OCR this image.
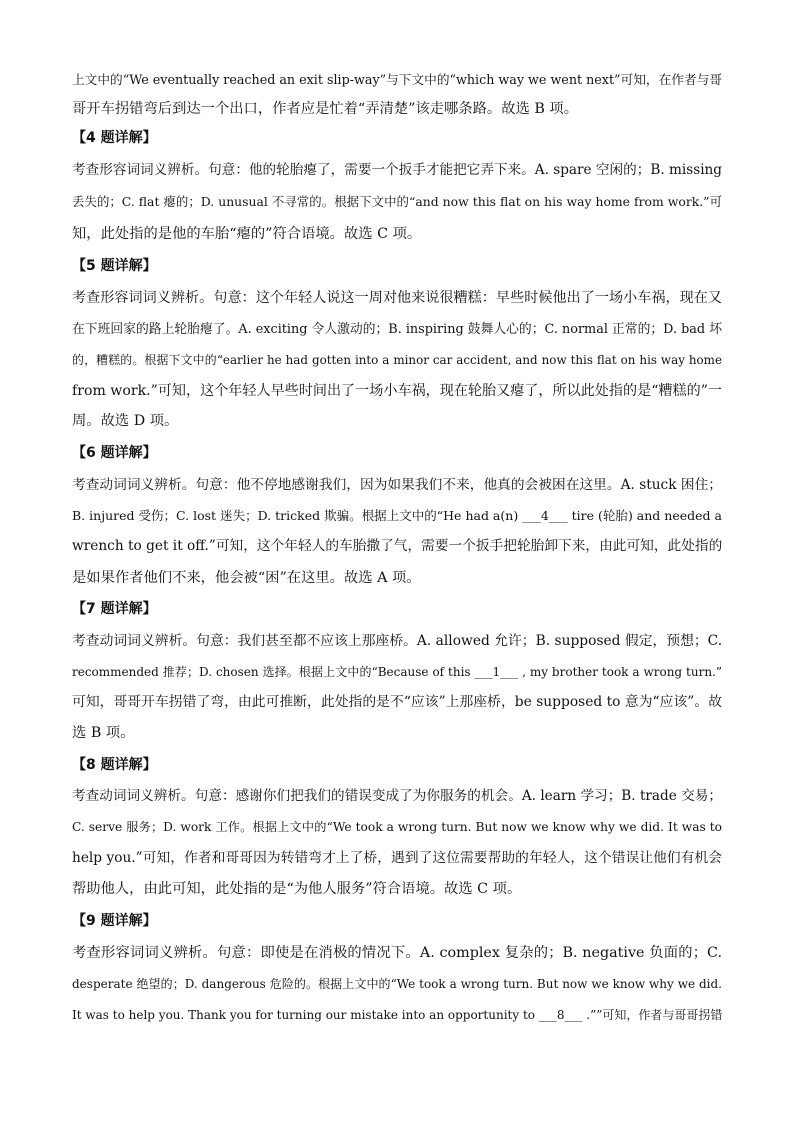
上文中的“We eventually reached an exit slip-way”与下文中的“which way we went next”可知，在作者与哥
哥开车拐错弯后到达一个出口，作者应是忙着“弄清楚”该走哪条路。故选 B 项。
【4 题详解】
考查形容词词义辨析。句意：他的轮胎瘪了，需要一个扳手才能把它弄下来。A. spare 空闲的；B. missing
丢失的；C. flat 瘪的；D. unusual 不寻常的。根据下文中的“and now this flat on his way home from work.”可
知，此处指的是他的车胎“瘪的”符合语境。故选 C 项。
【5 题详解】
考查形容词词义辨析。句意：这个年轻人说这一周对他来说很糟糕：早些时候他出了一场小车祸，现在又
在下班回家的路上轮胎瘪了。A. exciting 令人激动的；B. inspiring 鼓舞人心的；C. normal 正常的；D. bad 坏
的，糟糕的。根据下文中的“earlier he had gotten into a minor car accident, and now this flat on his way home
from work.”可知，这个年轻人早些时间出了一场小车祸，现在轮胎又瘪了，所以此处指的是“糟糕的”一
周。故选 D 项。
【6 题详解】
考查动词词义辨析。句意：他不停地感谢我们，因为如果我们不来，他真的会被困在这里。A. stuck 困住；
B. injured 受伤；C. lost 迷失；D. tricked 欺骗。根据上文中的“He had a(n) ___4___ tire (轮胎) and needed a
wrench to get it off.”可知，这个年轻人的车胎撒了气，需要一个扳手把轮胎卸下来，由此可知，此处指的
是如果作者他们不来，他会被“困”在这里。故选 A 项。
【7 题详解】
考查动词词义辨析。句意：我们甚至都不应该上那座桥。A. allowed 允许；B. supposed 假定，预想；C.
recommended 推荐；D. chosen 选择。根据上文中的“Because of this ___1___ , my brother took a wrong turn.”
可知，哥哥开车拐错了弯，由此可推断，此处指的是不“应该”上那座桥，be supposed to 意为“应该”。故
选 B 项。
【8 题详解】
考查动词词义辨析。句意：感谢你们把我们的错误变成了为你服务的机会。A. learn 学习；B. trade 交易；
C. serve 服务；D. work 工作。根据上文中的“We took a wrong turn. But now we know why we did. It was to
help you.”可知，作者和哥哥因为转错弯才上了桥，遇到了这位需要帮助的年轻人，这个错误让他们有机会
帮助他人，由此可知，此处指的是“为他人服务”符合语境。故选 C 项。
【9 题详解】
考查形容词词义辨析。句意：即使是在消极的情况下。A. complex 复杂的；B. negative 负面的；C.
desperate 绝望的；D. dangerous 危险的。根据上文中的“We took a wrong turn. But now we know why we did.
It was to help you. Thank you for turning our mistake into an opportunity to ___8___ .””可知，作者与哥哥拐错
